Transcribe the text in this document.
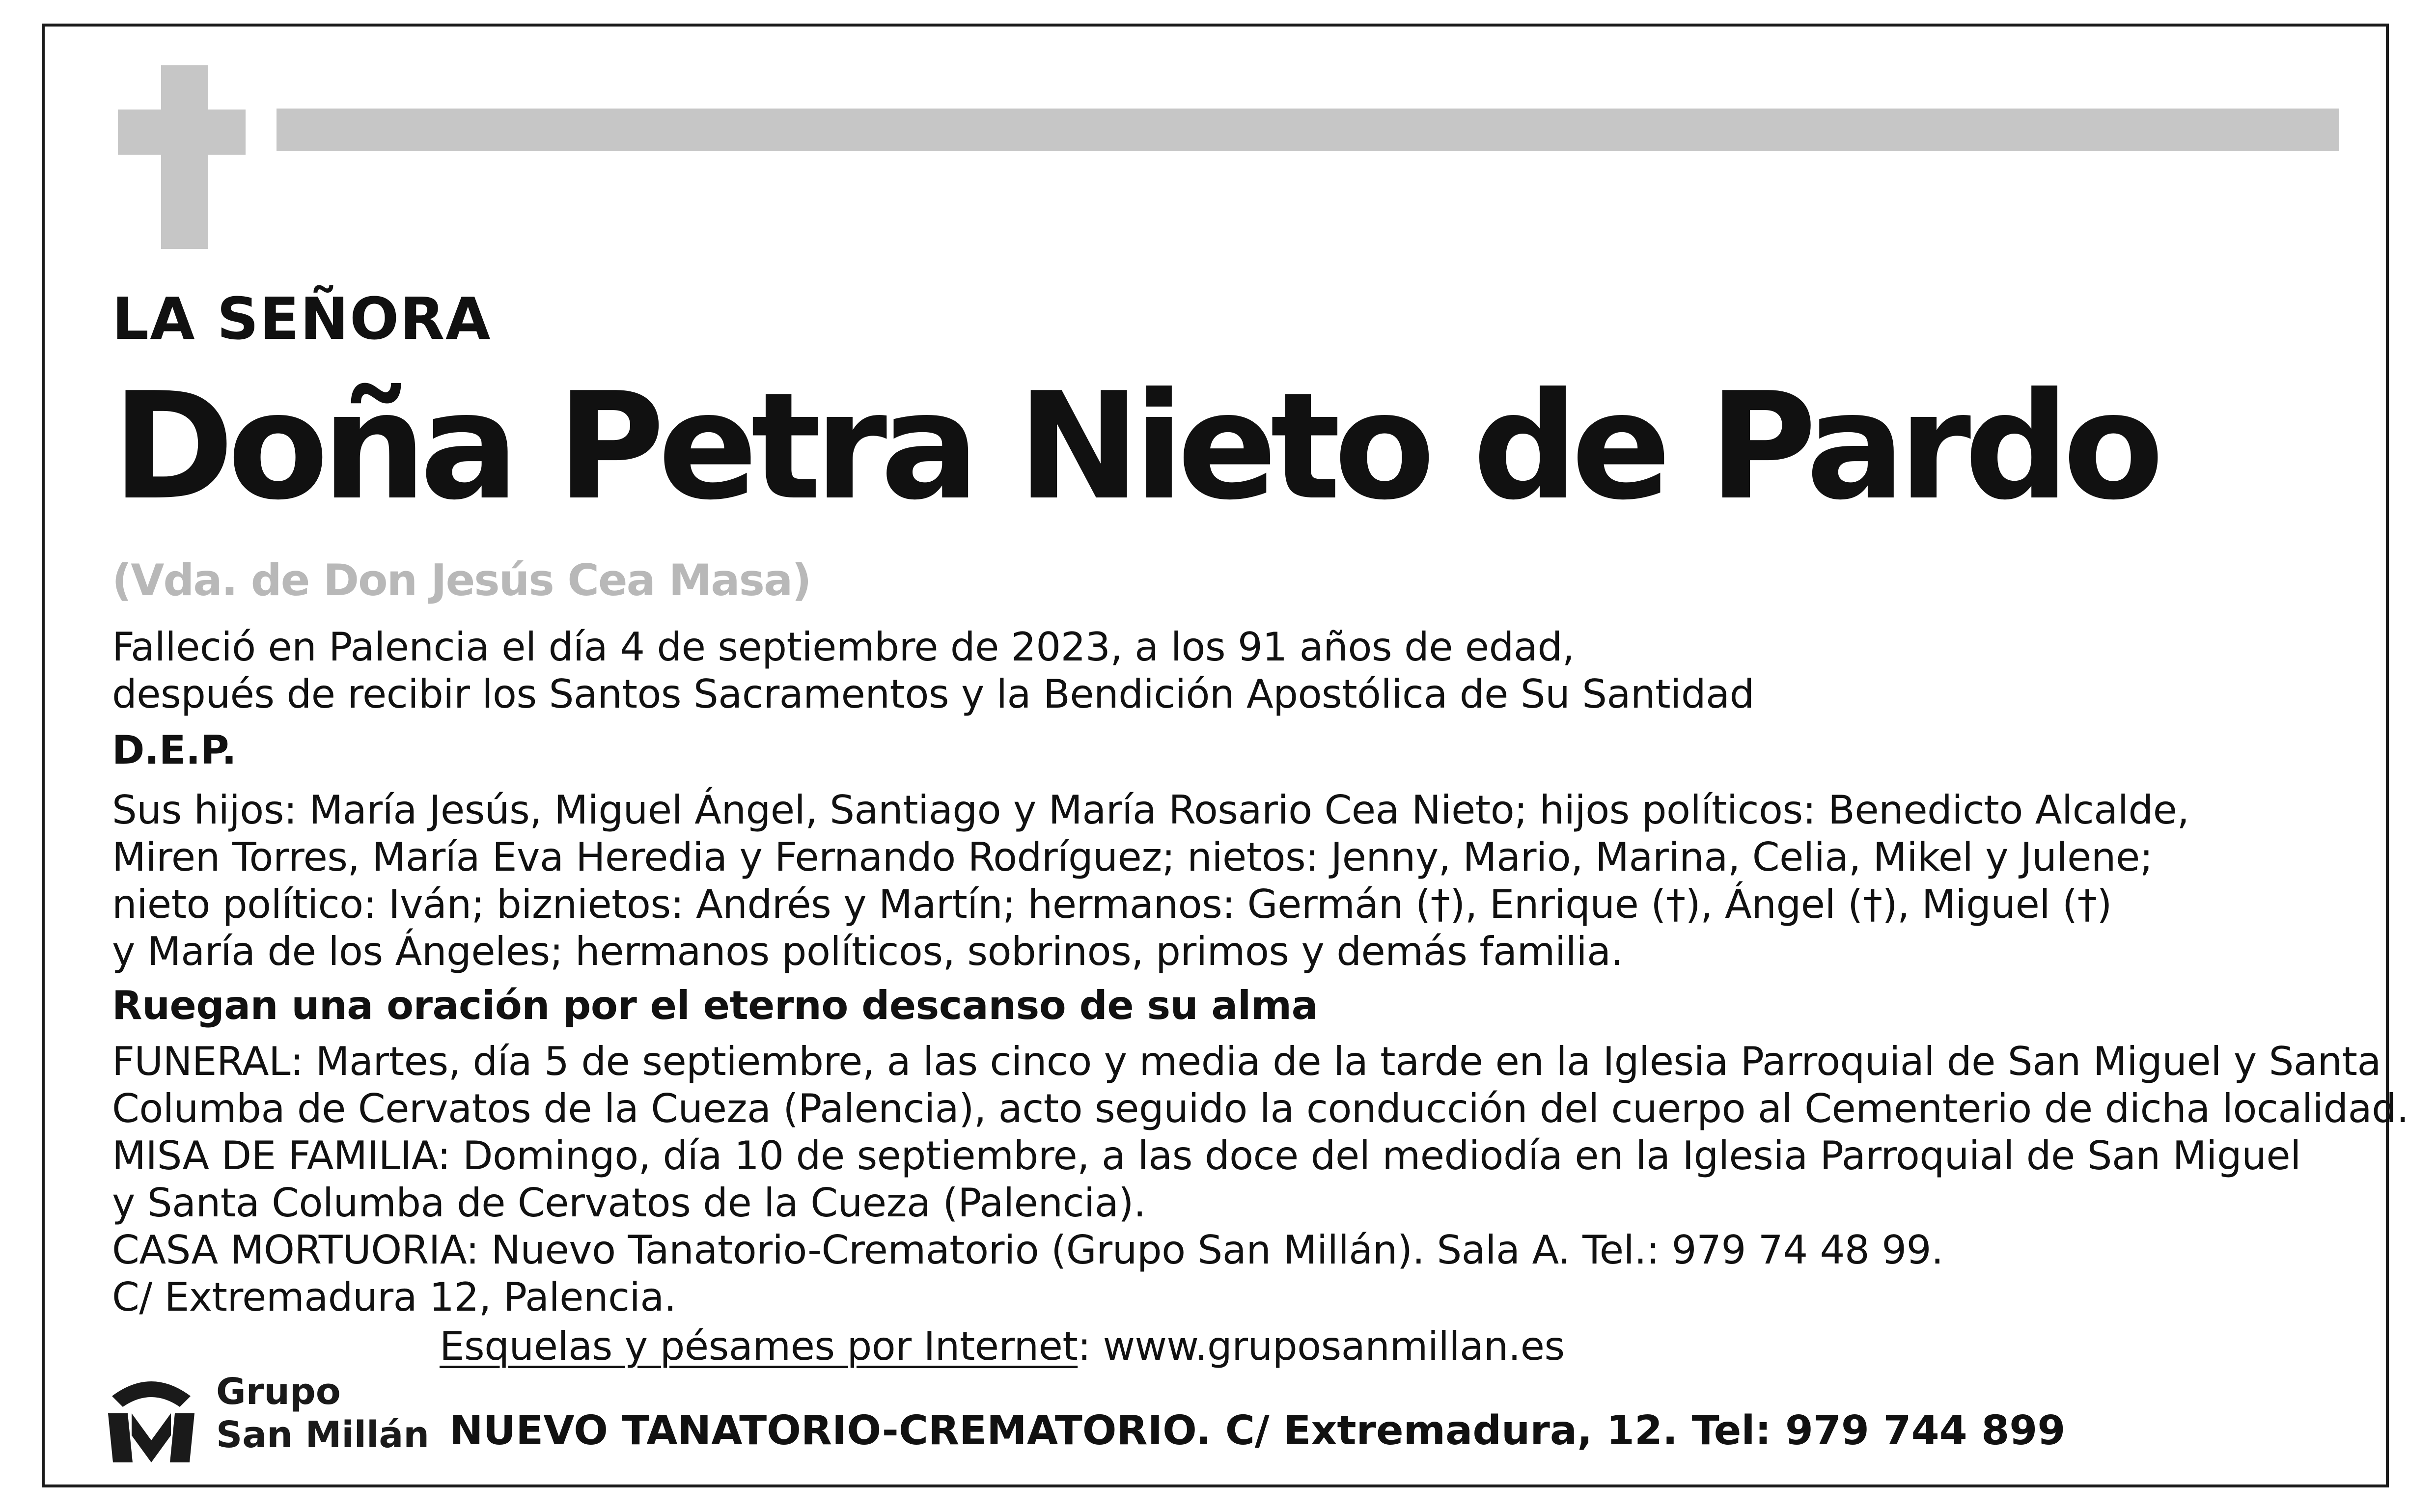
LA SEÑORA
Doña Petra Nieto de Pardo
(Vda. de Don Jesús Cea Masa)
Falleció en Palencia el día 4 de septiembre de 2023, a los 91 años de edad,
después de recibir los Santos Sacramentos y la Bendición Apostólica de Su Santidad
D.E.P.
Sus hijos: María Jesús, Miguel Ángel, Santiago y María Rosario Cea Nieto; hijos políticos: Benedicto Alcalde,
Miren Torres, María Eva Heredia y Fernando Rodríguez; nietos: Jenny, Mario, Marina, Celia, Mikel y Julene;
nieto político: Iván; biznietos: Andrés y Martín; hermanos: Germán (†), Enrique (†), Ángel (†), Miguel (†)
y María de los Ángeles; hermanos políticos, sobrinos, primos y demás familia.
Ruegan una oración por el eterno descanso de su alma
FUNERAL: Martes, día 5 de septiembre, a las cinco y media de la tarde en la Iglesia Parroquial de San Miguel y Santa
Columba de Cervatos de la Cueza (Palencia), acto seguido la conducción del cuerpo al Cementerio de dicha localidad.
MISA DE FAMILIA: Domingo, día 10 de septiembre, a las doce del mediodía en la Iglesia Parroquial de San Miguel
y Santa Columba de Cervatos de la Cueza (Palencia).
CASA MORTUORIA: Nuevo Tanatorio-Crematorio (Grupo San Millán). Sala A. Tel.: 979 74 48 99.
C/ Extremadura 12, Palencia.
Esquelas y pésames por Internet: www.gruposanmillan.es
Grupo
San Millán NUEVO TANATORIO-CREMATORIO. C/ Extremadura, 12. Tel: 979 744 899
